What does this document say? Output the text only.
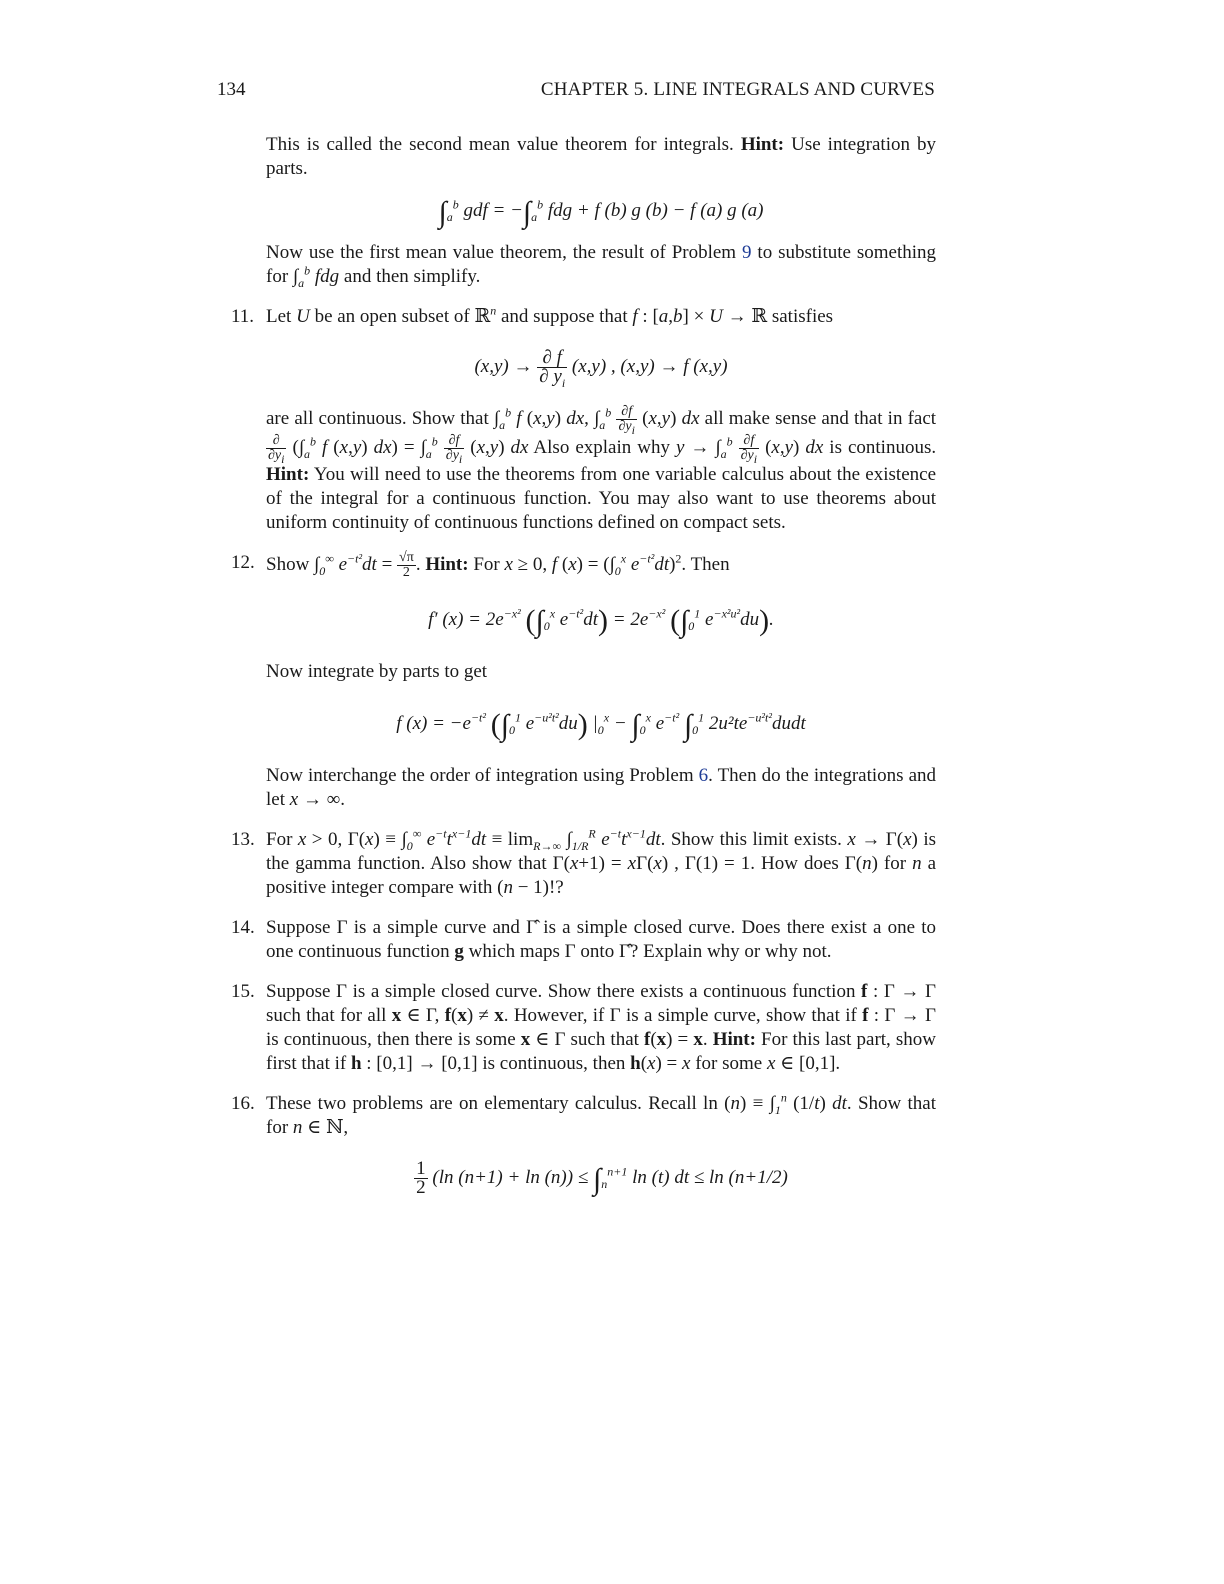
134	CHAPTER 5. LINE INTEGRALS AND CURVES

This is called the second mean value theorem for integrals. Hint: Use integration by parts.

$\int_a^b$ gdf = $-\int_a^b$ fdg + f (b) g (b) − f (a) g (a)

Now use the first mean value theorem, the result of Problem 9 to substitute something for $\int_a^b$ fdg and then simplify.

11. Let U be an open subset of ℝ$^n$ and suppose that f : [a,b] × U → ℝ satisfies

$(x,y) \to \frac{\partial f}{\partial y_i} (x,y)$ , (x,y) → f (x,y)

are all continuous. Show that $\int_a^b$ f (x,y) dx, $\int_a^b \frac{\partial f}{\partial y_i} (x,y)$ dx all make sense and that in fact
$\frac{\partial}{\partial y_i} (\int_a^b$ f (x,y) $dx) = \int_a^b \frac{\partial f}{\partial y_i} (x,y)$ dx Also explain why $y \to \int_a^b \frac{\partial f}{\partial y_i} (x,y)$ dx is continuous. Hint: You will need to use the theorems from one variable calculus about the existence of the integral for a continuous function. You may also want to use theorems about uniform continuity of continuous functions defined on compact sets.

12. Show $\int_0^\infty$ $e^{-t^2}dt = \frac{√\pi}{2}$ . Hint: For x ≥ 0, f $(x) = (\int_0^x$ $e^{-t^2}dt)^2$. Then

f′ $(x) = 2e^{-x^2}$ ($\int_0^x$ $e^{-t^2}dt) = 2e^{-x^2}$ ($\int_0^1$ $e^{-x^2u^2}du$).

Now integrate by parts to get

f $(x) = -e^{-t^2}$ ($\int_0^1$ $e^{-u^2t^2}du$) $|_0^x - \int_0^x$ $e^{-t^2}$ $\int_0^1$ $2u^2te^{-u^2t^2}dudt$

Now interchange the order of integration using Problem 6. Then do the integrations and let x → ∞.

13. For x > 0, $\Gamma(x) \equiv \int_0^\infty$ $e^{-t}t^{x-1}dt \equiv \lim_{R\to\infty} \int_{1/R}^R$ $e^{-t}t^{x-1}dt$. Show this limit exists. x → Γ(x) is the gamma function. Also show that Γ(x+1) = xΓ(x) , Γ(1) = 1. How does Γ(n) for n a positive integer compare with (n − 1)!?

14. Suppose Γ is a simple curve and Γ̂ is a simple closed curve. Does there exist a one to one continuous function g which maps Γ onto Γ̂? Explain why or why not.

15. Suppose Γ is a simple closed curve. Show there exists a continuous function f : Γ → Γ such that for all x ∈ Γ, f(x) ≠ x. However, if Γ is a simple curve, show that if f : Γ → Γ is continuous, then there is some x ∈ Γ such that f(x) = x. Hint: For this last part, show first that if h : [0,1] → [0,1] is continuous, then h(x) = x for some x ∈ [0,1].

16. These two problems are on elementary calculus. Recall $\ln (n) \equiv \int_1^n$ (1/t) dt. Show that for n ∈ ℕ,

$\frac{1}{2} (\ln$ $(n+1) + \ln (n)) \le \int_n^{n+1}$ ln (t) dt ≤ ln (n+1/2)
